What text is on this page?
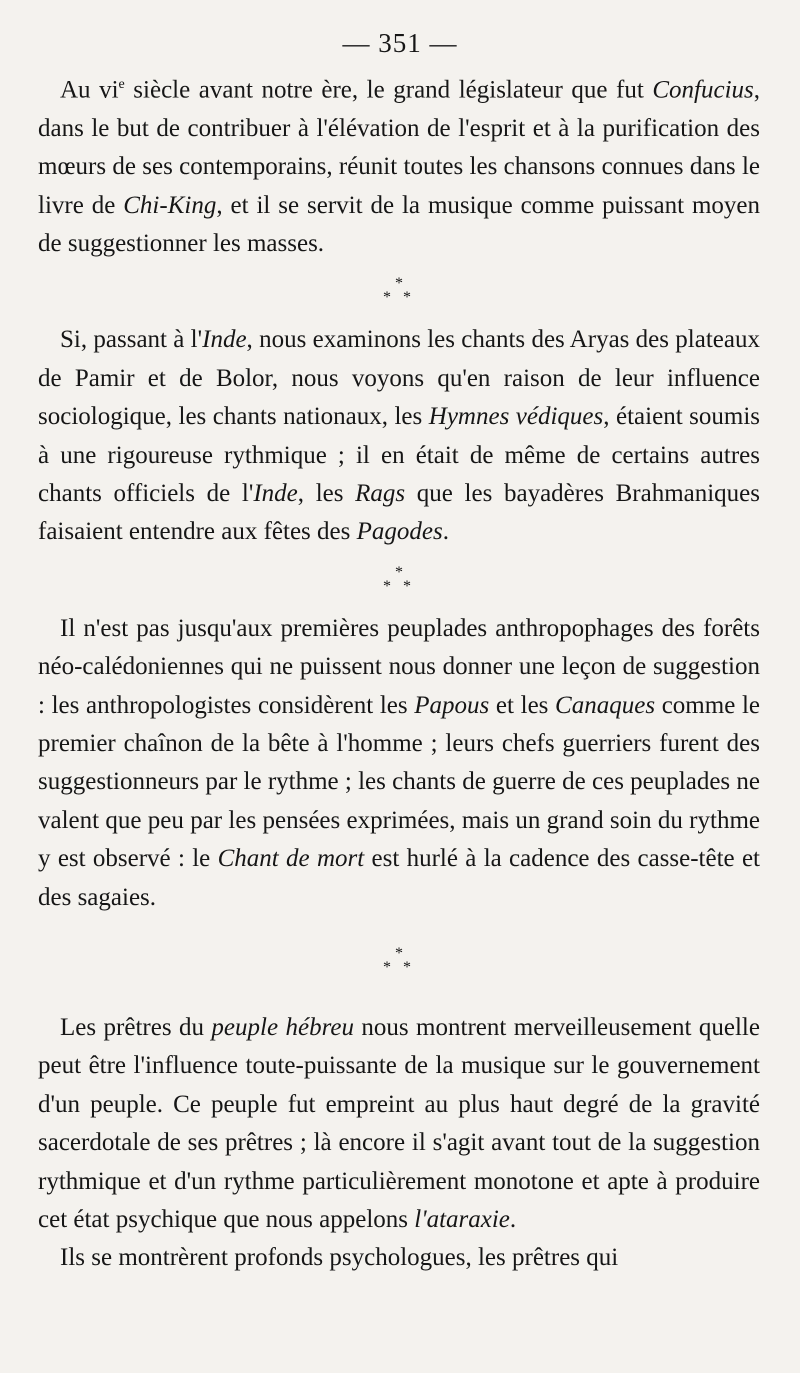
— 351 —

Au $vi^e$ siècle avant notre ère, le grand législateur que fut Confucius, dans le but de contribuer à l'élévation de l'esprit et à la purification des mœurs de ses contemporains, réunit toutes les chansons connues dans le livre de Chi-King, et il se servit de la musique comme puissant moyen de suggestionner les masses.

*
* *

Si, passant à l'Inde, nous examinons les chants des Aryas des plateaux de Pamir et de Bolor, nous voyons qu'en raison de leur influence sociologique, les chants nationaux, les Hymnes védiques, étaient soumis à une rigoureuse rythmique ; il en était de même de certains autres chants officiels de l'Inde, les Rags que les bayadères Brahmaniques faisaient entendre aux fêtes des Pagodes.

*
* *

Il n'est pas jusqu'aux premières peuplades anthropophages des forêts néo-calédoniennes qui ne puissent nous donner une leçon de suggestion : les anthropologistes considèrent les Papous et les Canaques comme le premier chaînon de la bête à l'homme ; leurs chefs guerriers furent des suggestionneurs par le rythme ; les chants de guerre de ces peuplades ne valent que peu par les pensées exprimées, mais un grand soin du rythme y est observé : le Chant de mort est hurlé à la cadence des casse-tête et des sagaies.

*
* *

Les prêtres du peuple hébreu nous montrent merveilleusement quelle peut être l'influence toute-puissante de la musique sur le gouvernement d'un peuple. Ce peuple fut empreint au plus haut degré de la gravité sacerdotale de ses prêtres ; là encore il s'agit avant tout de la suggestion rythmique et d'un rythme particulièrement monotone et apte à produire cet état psychique que nous appelons l'ataraxie.

Ils se montrèrent profonds psychologues, les prêtres qui
